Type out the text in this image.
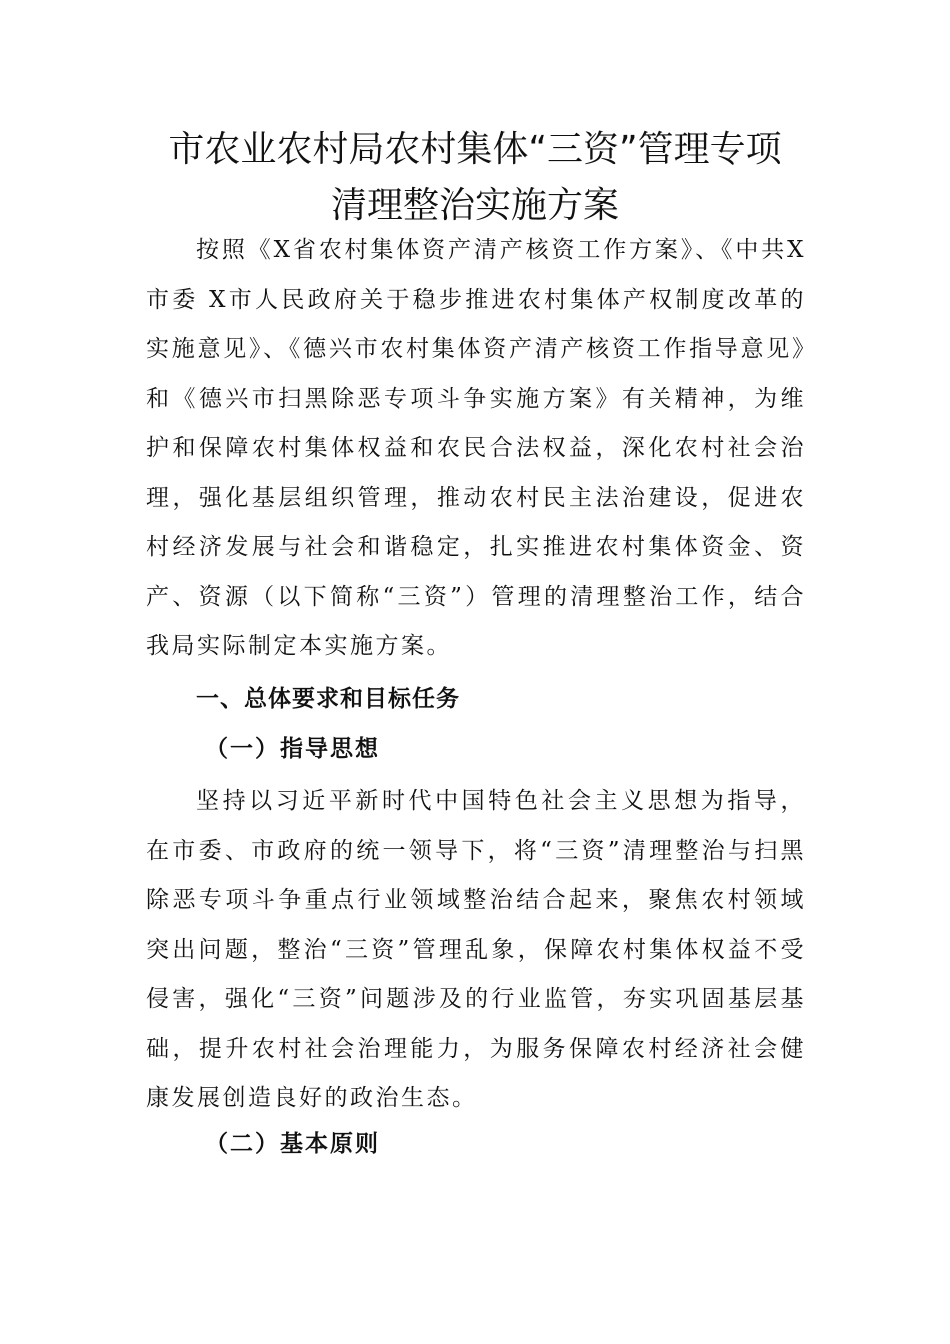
市农业农村局农村集体“三资”管理专项
清理整治实施方案

按照《X省农村集体资产清产核资工作方案》、《中共X市委 X市人民政府关于稳步推进农村集体产权制度改革的实施意见》、《德兴市农村集体资产清产核资工作指导意见》和《德兴市扫黑除恶专项斗争实施方案》有关精神，为维护和保障农村集体权益和农民合法权益，深化农村社会治理，强化基层组织管理，推动农村民主法治建设，促进农村经济发展与社会和谐稳定，扎实推进农村集体资金、资产、资源（以下简称“三资”）管理的清理整治工作，结合我局实际制定本实施方案。

一、总体要求和目标任务
（一）指导思想

坚持以习近平新时代中国特色社会主义思想为指导，在市委、市政府的统一领导下，将“三资”清理整治与扫黑除恶专项斗争重点行业领域整治结合起来，聚焦农村领域突出问题，整治“三资”管理乱象，保障农村集体权益不受侵害，强化“三资”问题涉及的行业监管，夯实巩固基层基础，提升农村社会治理能力，为服务保障农村经济社会健康发展创造良好的政治生态。

（二）基本原则
